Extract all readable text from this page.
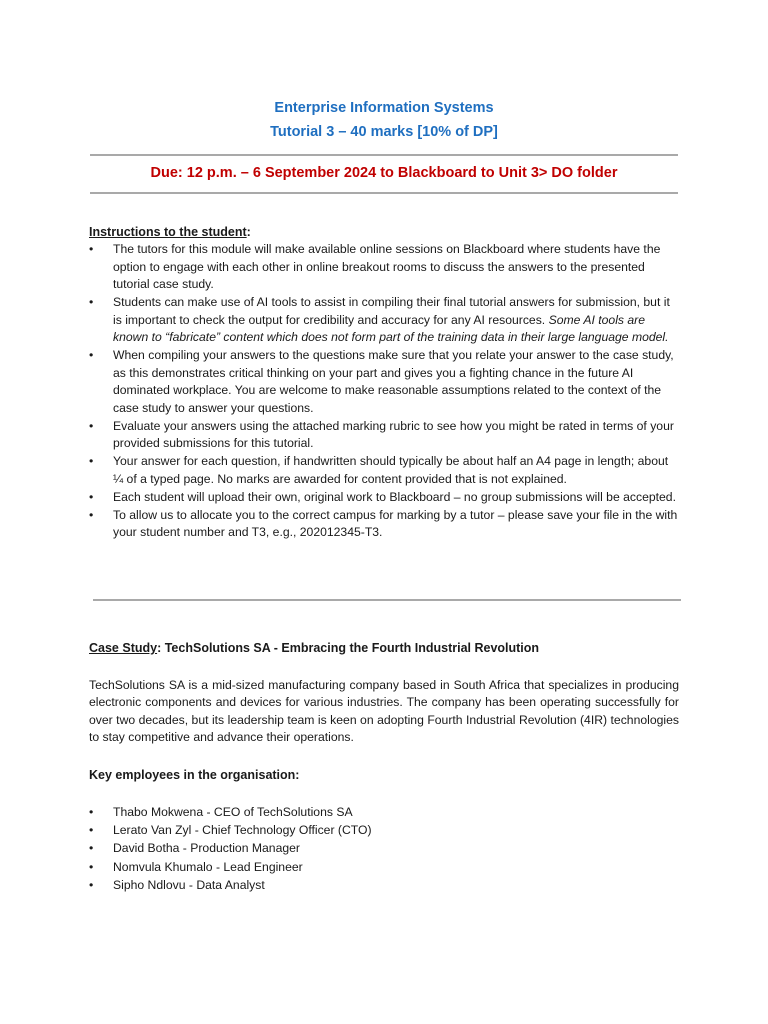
Enterprise Information Systems
Tutorial 3 – 40 marks [10% of DP]
Due: 12 p.m. – 6 September 2024 to Blackboard to Unit 3> DO folder
Instructions to the student:
•	The tutors for this module will make available online sessions on Blackboard where students have the option to engage with each other in online breakout rooms to discuss the answers to the presented tutorial case study.
•	Students can make use of AI tools to assist in compiling their final tutorial answers for submission, but it is important to check the output for credibility and accuracy for any AI resources. Some AI tools are known to “fabricate” content which does not form part of the training data in their large language model.
•	When compiling your answers to the questions make sure that you relate your answer to the case study, as this demonstrates critical thinking on your part and gives you a fighting chance in the future AI dominated workplace. You are welcome to make reasonable assumptions related to the context of the case study to answer your questions.
•	Evaluate your answers using the attached marking rubric to see how you might be rated in terms of your provided submissions for this tutorial.
•	Your answer for each question, if handwritten should typically be about half an A4 page in length; about ¼ of a typed page. No marks are awarded for content provided that is not explained.
•	Each student will upload their own, original work to Blackboard – no group submissions will be accepted.
•	To allow us to allocate you to the correct campus for marking by a tutor – please save your file in the with your student number and T3, e.g., 202012345-T3.
Case Study: TechSolutions SA - Embracing the Fourth Industrial Revolution
TechSolutions SA is a mid-sized manufacturing company based in South Africa that specializes in producing electronic components and devices for various industries. The company has been operating successfully for over two decades, but its leadership team is keen on adopting Fourth Industrial Revolution (4IR) technologies to stay competitive and advance their operations.
Key employees in the organisation:
•	Thabo Mokwena - CEO of TechSolutions SA
•	Lerato Van Zyl - Chief Technology Officer (CTO)
•	David Botha - Production Manager
•	Nomvula Khumalo - Lead Engineer
•	Sipho Ndlovu - Data Analyst
